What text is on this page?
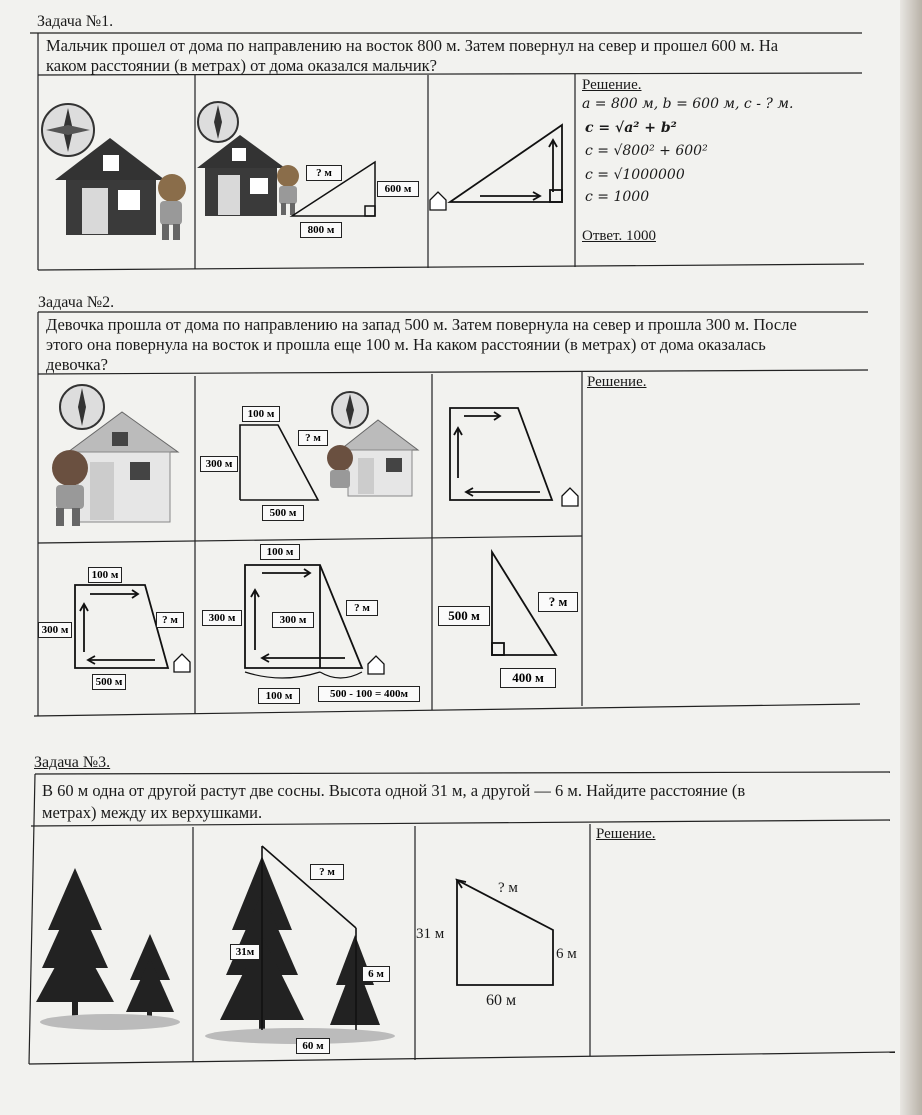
Задача №1.
Мальчик прошел от дома по направлению на восток 800 м. Затем повернул на север и прошел 600 м. На
каком расстоянии (в метрах) от дома оказался мальчик?
? м
600 м
800 м
Решение.
a = 800 м, b = 600 м, c - ? м.
c = √a² + b²
c = √800² + 600²
c = √1000000
c = 1000
Ответ. 1000
Задача №2.
Девочка прошла от дома по направлению на запад 500 м. Затем повернула на север и прошла 300 м. После
этого она повернула на восток и прошла еще 100 м. На каком расстоянии (в метрах) от дома оказалась
девочка?
Решение.
100 м
? м
300 м
500 м
100 м
? м
300 м
500 м
100 м
300 м	300 м
? м
100 м	500 - 100 = 400м
500 м
? м
400 м
Задача №3.
В 60 м одна от другой растут две сосны. Высота одной 31 м, а другой — 6 м. Найдите расстояние (в
метрах) между их верхушками.
Решение.
? м
31м
6 м
60 м
? м
31 м
6 м
60 м
